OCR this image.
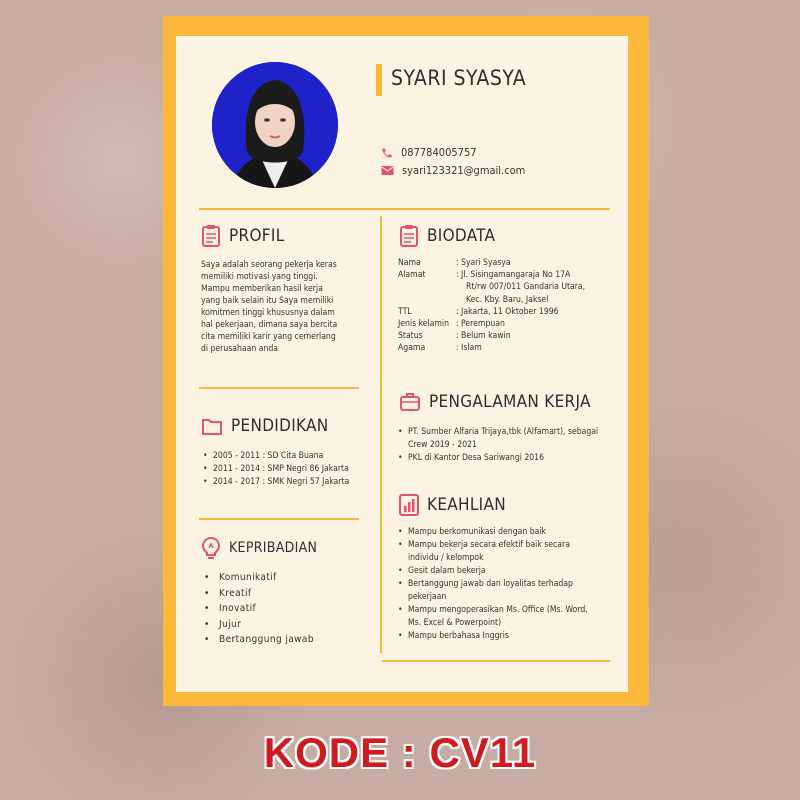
SYARI SYASYA
087784005757
syari123321@gmail.com
PROFIL
Saya adalah seorang pekerja keras
memiliki motivasi yang tinggi.
Mampu memberikan hasil kerja
yang baik selain itu Saya memiliki
komitmen tinggi khususnya dalam
hal pekerjaan, dimana saya bercita
cita memiliki karir yang cemerlang
di perusahaan anda
PENDIDIKAN
• 2005 - 2011 : SD Cita Buana
• 2011 - 2014 : SMP Negri 86 Jakarta
• 2014 - 2017 : SMK Negri 57 Jakarta
KEPRIBADIAN
• Komunikatif
• Kreatif
• Inovatif
• Jujur
• Bertanggung jawab
BIODATA
Nama	: Syari Syasya
Alamat	: Jl. Sisingamangaraja No 17A
Rt/rw 007/011 Gandaria Utara,
Kec. Kby. Baru, Jaksel
TTL	: Jakarta, 11 Oktober 1996
Jenis kelamin : Perempuan
Status	: Belum kawin
Agama	: Islam
PENGALAMAN KERJA
• PT. Sumber Alfaria Trijaya,tbk (Alfamart), sebagai Crew 2019 - 2021
• PKL di Kantor Desa Sariwangi 2016
KEAHLIAN
• Mampu berkomunikasi dengan baik
• Mampu bekerja secara efektif baik secara individu / kelompok
• Gesit dalam bekerja
• Bertanggung jawab dan loyalitas terhadap pekerjaan
• Mampu mengoperasikan Ms. Office (Ms. Word, Ms. Excel & Powerpoint)
• Mampu berbahasa Inggris
KODE : CV11
